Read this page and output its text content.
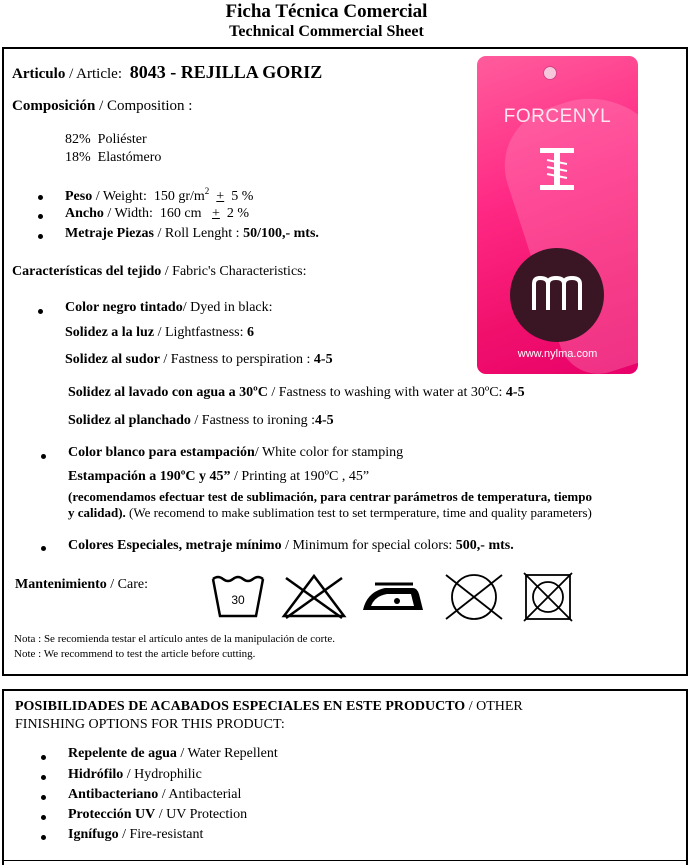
Ficha Técnica Comercial
Technical Commercial Sheet
Articulo / Article: 8043 - REJILLA GORIZ
Composición / Composition :
82% Poliéster
18% Elastómero
Peso / Weight: 150 $gr/m^2 + 5$ %
Ancho / Width: 160 cm + 2 %
Metraje Piezas / Roll Lenght : 50/100,- mts.
Características del tejido / Fabric's Characteristics:
Color negro tintado/ Dyed in black:
Solidez a la luz / Lightfastness: 6
Solidez al sudor / Fastness to perspiration : 4-5
Solidez al lavado con agua a 30ºC / Fastness to washing with water at 30ºC: 4-5
Solidez al planchado / Fastness to ironing :4-5
Color blanco para estampación/ White color for stamping
Estampación a 190ºC y 45” / Printing at 190ºC , 45”
(recomendamos efectuar test de sublimación, para centrar parámetros de temperatura, tiempo
y calidad). (We recomend to make sublimation test to set termperature, time and quality parameters)
Colores Especiales, metraje mínimo / Minimum for special colors: 500,- mts.
Mantenimiento / Care:
30
Nota : Se recomienda testar el artículo antes de la manipulación de corte.
Note : We recommend to test the article before cutting.
FORCENYL
www.nylma.com
POSIBILIDADES DE ACABADOS ESPECIALES EN ESTE PRODUCTO / OTHER
FINISHING OPTIONS FOR THIS PRODUCT:
Repelente de agua / Water Repellent
Hidrófilo / Hydrophilic
Antibacteriano / Antibacterial
Protección UV / UV Protection
Ignífugo / Fire-resistant
